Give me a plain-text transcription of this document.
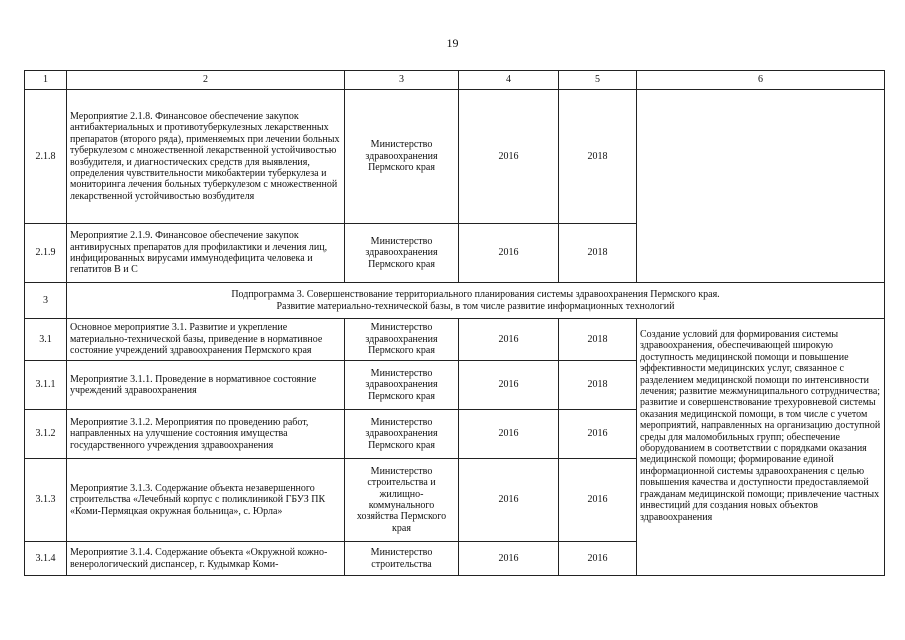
19
1	2	3	4	5	6
2.1.8	Мероприятие 2.1.8. Финансовое обеспечение закупок антибактериальных и противотуберкулезных лекарственных препаратов (второго ряда), применяемых при лечении больных туберкулезом с множественной лекарственной устойчивостью возбудителя, и диагностических средств для выявления, определения чувствительности микобактерии туберкулеза и мониторинга лечения больных туберкулезом с множественной лекарственной устойчивостью возбудителя	Министерство здравоохранения Пермского края	2016	2018	
2.1.9	Мероприятие 2.1.9. Финансовое обеспечение закупок антивирусных препаратов для профилактики и лечения лиц, инфицированных вирусами иммунодефицита человека и гепатитов В и С	Министерство здравоохранения Пермского края	2016	2018	
3	Подпрограмма 3. Совершенствование территориального планирования системы здравоохранения Пермского края.
Развитие материально-технической базы, в том числе развитие информационных технологий				

3.1	Основное мероприятие 3.1. Развитие и укрепление материально-технической базы, приведение в нормативное состояние учреждений здравоохранения Пермского края	Министерство здравоохранения Пермского края	2016	2018	Создание условий для формирования системы здравоохранения, обеспечивающей широкую доступность медицинской помощи и повышение эффективности медицинских услуг, связанное с разделением медицинской помощи по интенсивности лечения; развитие межмуниципального сотрудничества; развитие и совершенствование трехуровневой системы оказания медицинской помощи, в том числе с учетом мероприятий, направленных на организацию доступной среды для маломобильных групп; обеспечение оборудованием в соответствии с порядками оказания медицинской помощи; формирование единой информационной системы здравоохранения с целью повышения качества и доступности предоставляемой гражданам медицинской помощи; привлечение частных инвестиций для создания новых объектов здравоохранения
3.1.1	Мероприятие 3.1.1. Проведение в нормативное состояние учреждений здравоохранения	Министерство здравоохранения Пермского края	2016	2018	
3.1.2	Мероприятие 3.1.2. Мероприятия по проведению работ, направленных на улучшение состояния имущества государственного учреждения здравоохранения	Министерство здравоохранения Пермского края	2016	2016	
3.1.3	Мероприятие 3.1.3. Содержание объекта незавершенного строительства «Лечебный корпус с поликлиникой ГБУЗ ПК «Коми-Пермяцкая окружная больница», с. Юрла»	Министерство строительства и жилищно-коммунального хозяйства Пермского края	2016	2016	
3.1.4	Мероприятие 3.1.4. Содержание объекта «Окружной кожно-венерологический диспансер, г. Кудымкар Коми-	Министерство строительства	2016	2016	
